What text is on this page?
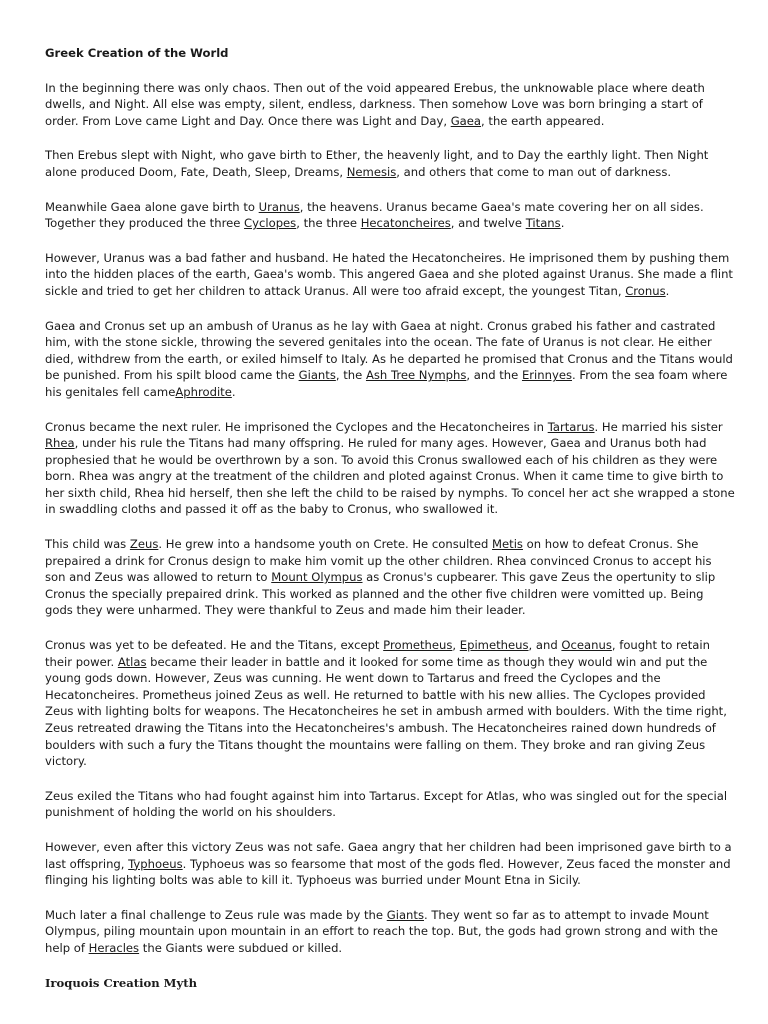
Greek Creation of the World

In the beginning there was only chaos. Then out of the void appeared Erebus, the unknowable place where death dwells, and Night. All else was empty, silent, endless, darkness. Then somehow Love was born bringing a start of order. From Love came Light and Day. Once there was Light and Day, Gaea, the earth appeared.

Then Erebus slept with Night, who gave birth to Ether, the heavenly light, and to Day the earthly light. Then Night alone produced Doom, Fate, Death, Sleep, Dreams, Nemesis, and others that come to man out of darkness.

Meanwhile Gaea alone gave birth to Uranus, the heavens. Uranus became Gaea's mate covering her on all sides. Together they produced the three Cyclopes, the three Hecatoncheires, and twelve Titans.

However, Uranus was a bad father and husband. He hated the Hecatoncheires. He imprisoned them by pushing them into the hidden places of the earth, Gaea's womb. This angered Gaea and she ploted against Uranus. She made a flint sickle and tried to get her children to attack Uranus. All were too afraid except, the youngest Titan, Cronus.

Gaea and Cronus set up an ambush of Uranus as he lay with Gaea at night. Cronus grabed his father and castrated him, with the stone sickle, throwing the severed genitales into the ocean. The fate of Uranus is not clear. He either died, withdrew from the earth, or exiled himself to Italy. As he departed he promised that Cronus and the Titans would be punished. From his spilt blood came the Giants, the Ash Tree Nymphs, and the Erinnyes. From the sea foam where his genitales fell cameAphrodite.

Cronus became the next ruler. He imprisoned the Cyclopes and the Hecatoncheires in Tartarus. He married his sister Rhea, under his rule the Titans had many offspring. He ruled for many ages. However, Gaea and Uranus both had prophesied that he would be overthrown by a son. To avoid this Cronus swallowed each of his children as they were born. Rhea was angry at the treatment of the children and ploted against Cronus. When it came time to give birth to her sixth child, Rhea hid herself, then she left the child to be raised by nymphs. To concel her act she wrapped a stone in swaddling cloths and passed it off as the baby to Cronus, who swallowed it.

This child was Zeus. He grew into a handsome youth on Crete. He consulted Metis on how to defeat Cronus. She prepaired a drink for Cronus design to make him vomit up the other children. Rhea convinced Cronus to accept his son and Zeus was allowed to return to Mount Olympus as Cronus's cupbearer. This gave Zeus the opertunity to slip Cronus the specially prepaired drink. This worked as planned and the other five children were vomitted up. Being gods they were unharmed. They were thankful to Zeus and made him their leader.

Cronus was yet to be defeated. He and the Titans, except Prometheus, Epimetheus, and Oceanus, fought to retain their power. Atlas became their leader in battle and it looked for some time as though they would win and put the young gods down. However, Zeus was cunning. He went down to Tartarus and freed the Cyclopes and the Hecatoncheires. Prometheus joined Zeus as well. He returned to battle with his new allies. The Cyclopes provided Zeus with lighting bolts for weapons. The Hecatoncheires he set in ambush armed with boulders. With the time right, Zeus retreated drawing the Titans into the Hecatoncheires's ambush. The Hecatoncheires rained down hundreds of boulders with such a fury the Titans thought the mountains were falling on them. They broke and ran giving Zeus victory.

Zeus exiled the Titans who had fought against him into Tartarus. Except for Atlas, who was singled out for the special punishment of holding the world on his shoulders.

However, even after this victory Zeus was not safe. Gaea angry that her children had been imprisoned gave birth to a last offspring, Typhoeus. Typhoeus was so fearsome that most of the gods fled. However, Zeus faced the monster and flinging his lighting bolts was able to kill it. Typhoeus was burried under Mount Etna in Sicily.

Much later a final challenge to Zeus rule was made by the Giants. They went so far as to attempt to invade Mount Olympus, piling mountain upon mountain in an effort to reach the top. But, the gods had grown strong and with the help of Heracles the Giants were subdued or killed.

Iroquois Creation Myth
